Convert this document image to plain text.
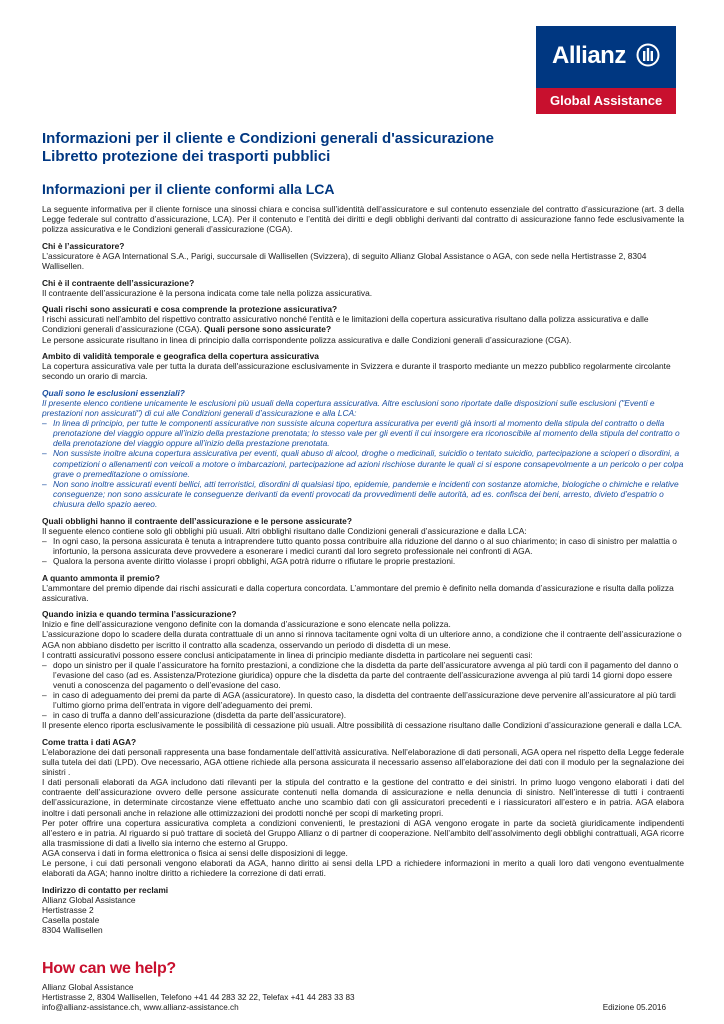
Allianz
Global Assistance
Informazioni per il cliente e Condizioni generali d'assicurazione
Libretto protezione dei trasporti pubblici
Informazioni per il cliente conformi alla LCA

La seguente informativa per il cliente fornisce una sinossi chiara e concisa sull’identità dell’assicuratore e sul contenuto essenziale del contratto d’assicurazione (art. 3 della Legge federale sul contratto d’assicurazione, LCA). Per il contenuto e l’entità dei diritti e degli obblighi derivanti dal contratto di assicurazione fanno fede esclusivamente la polizza assicurativa e le Condizioni generali d’assicurazione (CGA).

Chi è l’assicuratore?

L’assicuratore è AGA International S.A., Parigi, succursale di Wallisellen (Svizzera), di seguito Allianz Global Assistance o AGA, con sede nella Hertistrasse 2, 8304 Wallisellen.

Chi è il contraente dell’assicurazione?

Il contraente dell’assicurazione è la persona indicata come tale nella polizza assicurativa.

Quali rischi sono assicurati e cosa comprende la protezione assicurativa?

I rischi assicurati nell’ambito del rispettivo contratto assicurativo nonché l’entità e le limitazioni della copertura assicurativa risultano dalla polizza assicurativa e dalle Condizioni generali d’assicurazione (CGA). Quali persone sono assicurate?

Le persone assicurate risultano in linea di principio dalla corrispondente polizza assicurativa e dalle Condizioni generali d’assicurazione (CGA).

Ambito di validità temporale e geografica della copertura assicurativa

La copertura assicurativa vale per tutta la durata dell'assicurazione esclusivamente in Svizzera e durante il trasporto mediante un mezzo pubblico regolarmente circolante secondo un orario di marcia.

Quali sono le esclusioni essenziali?

Il presente elenco contiene unicamente le esclusioni più usuali della copertura assicurativa. Altre esclusioni sono riportate dalle disposizioni sulle esclusioni ("Eventi e prestazioni non assicurati") di cui alle Condizioni generali d’assicurazione e alla LCA:

– In linea di principio, per tutte le componenti assicurative non sussiste alcuna copertura assicurativa per eventi già insorti al momento della stipula del contratto o della prenotazione del viaggio oppure all’inizio della prestazione prenotata; lo stesso vale per gli eventi il cui insorgere era riconoscibile al momento della stipula del contratto o della prenotazione del viaggio oppure all’inizio della prestazione prenotata.

– Non sussiste inoltre alcuna copertura assicurativa per eventi, quali abuso di alcool, droghe o medicinali, suicidio o tentato suicidio, partecipazione a scioperi o disordini, a competizioni o allenamenti con veicoli a motore o imbarcazioni, partecipazione ad azioni rischiose durante le quali ci si espone consapevolmente a un pericolo o per colpa grave o premeditazione o omissione.

– Non sono inoltre assicurati eventi bellici, atti terroristici, disordini di qualsiasi tipo, epidemie, pandemie e incidenti con sostanze atomiche, biologiche o chimiche e relative conseguenze; non sono assicurate le conseguenze derivanti da eventi provocati da provvedimenti delle autorità, ad es. confisca dei beni, arresto, divieto d’espatrio o chiusura dello spazio aereo.

Quali obblighi hanno il contraente dell’assicurazione e le persone assicurate?

Il seguente elenco contiene solo gli obblighi più usuali. Altri obblighi risultano dalle Condizioni generali d’assicurazione e dalla LCA:

– In ogni caso, la persona assicurata è tenuta a intraprendere tutto quanto possa contribuire alla riduzione del danno o al suo chiarimento; in caso di sinistro per malattia o infortunio, la persona assicurata deve provvedere a esonerare i medici curanti dal loro segreto professionale nei confronti di AGA.

– Qualora la persona avente diritto violasse i propri obblighi, AGA potrà ridurre o rifiutare le proprie prestazioni.

A quanto ammonta il premio?

L’ammontare del premio dipende dai rischi assicurati e dalla copertura concordata. L’ammontare del premio è definito nella domanda d’assicurazione e risulta dalla polizza assicurativa.

Quando inizia e quando termina l’assicurazione?

Inizio e fine dell’assicurazione vengono definite con la domanda d’assicurazione e sono elencate nella polizza.

L’assicurazione dopo lo scadere della durata contrattuale di un anno si rinnova tacitamente ogni volta di un ulteriore anno, a condizione che il contraente dell’assicurazione o AGA non abbiano disdetto per iscritto il contratto alla scadenza, osservando un periodo di disdetta di un mese.

I contratti assicurativi possono essere conclusi anticipatamente in linea di principio mediante disdetta in particolare nei seguenti casi:

– dopo un sinistro per il quale l’assicuratore ha fornito prestazioni, a condizione che la disdetta da parte dell’assicuratore avvenga al più tardi con il pagamento del danno o l’evasione del caso (ad es. Assistenza/Protezione giuridica) oppure che la disdetta da parte del contraente dell’assicurazione avvenga al più tardi 14 giorni dopo essere venuti a conoscenza del pagamento o dell’evasione del caso.

– in caso di adeguamento dei premi da parte di AGA (assicuratore). In questo caso, la disdetta del contraente dell’assicurazione deve pervenire all’assicuratore al più tardi l’ultimo giorno prima dell’entrata in vigore dell’adeguamento dei premi.

– in caso di truffa a danno dell’assicurazione (disdetta da parte dell’assicuratore).

Il presente elenco riporta esclusivamente le possibilità di cessazione più usuali. Altre possibilità di cessazione risultano dalle Condizioni d’assicurazione generali e dalla LCA.

Come tratta i dati AGA?

L’elaborazione dei dati personali rappresenta una base fondamentale dell’attività assicurativa. Nell’elaborazione di dati personali, AGA opera nel rispetto della Legge federale sulla tutela dei dati (LPD). Ove necessario, AGA ottiene richiede alla persona assicurata il necessario assenso all’elaborazione dei dati con il modulo per la segnalazione dei sinistri .

I dati personali elaborati da AGA includono dati rilevanti per la stipula del contratto e la gestione del contratto e dei sinistri. In primo luogo vengono elaborati i dati del contraente dell’assicurazione ovvero delle persone assicurate contenuti nella domanda di assicurazione e nella denuncia di sinistro. Nell’interesse di tutti i contraenti dell’assicurazione, in determinate circostanze viene effettuato anche uno scambio dati con gli assicuratori precedenti e i riassicuratori all’estero e in patria. AGA elabora inoltre i dati personali anche in relazione alle ottimizzazioni dei prodotti nonché per scopi di marketing propri.

Per poter offrire una copertura assicurativa completa a condizioni convenienti, le prestazioni di AGA vengono erogate in parte da società giuridicamente indipendenti all’estero e in patria. Al riguardo si può trattare di società del Gruppo Allianz o di partner di cooperazione. Nell’ambito dell’assolvimento degli obblighi contrattuali, AGA ricorre alla trasmissione di dati a livello sia interno che esterno al Gruppo.

AGA conserva i dati in forma elettronica o fisica ai sensi delle disposizioni di legge.

Le persone, i cui dati personali vengono elaborati da AGA, hanno diritto ai sensi della LPD a richiedere informazioni in merito a quali loro dati vengono eventualmente elaborati da AGA; hanno inoltre diritto a richiedere la correzione di dati errati.

Indirizzo di contatto per reclami

Allianz Global Assistance

Hertistrasse 2

Casella postale

8304 Wallisellen

How can we help?

Allianz Global Assistance

Hertistrasse 2, 8304 Wallisellen, Telefono +41 44 283 32 22, Telefax +41 44 283 33 83

info@allianz-assistance.ch, www.allianz-assistance.ch	Edizione 05.2016
